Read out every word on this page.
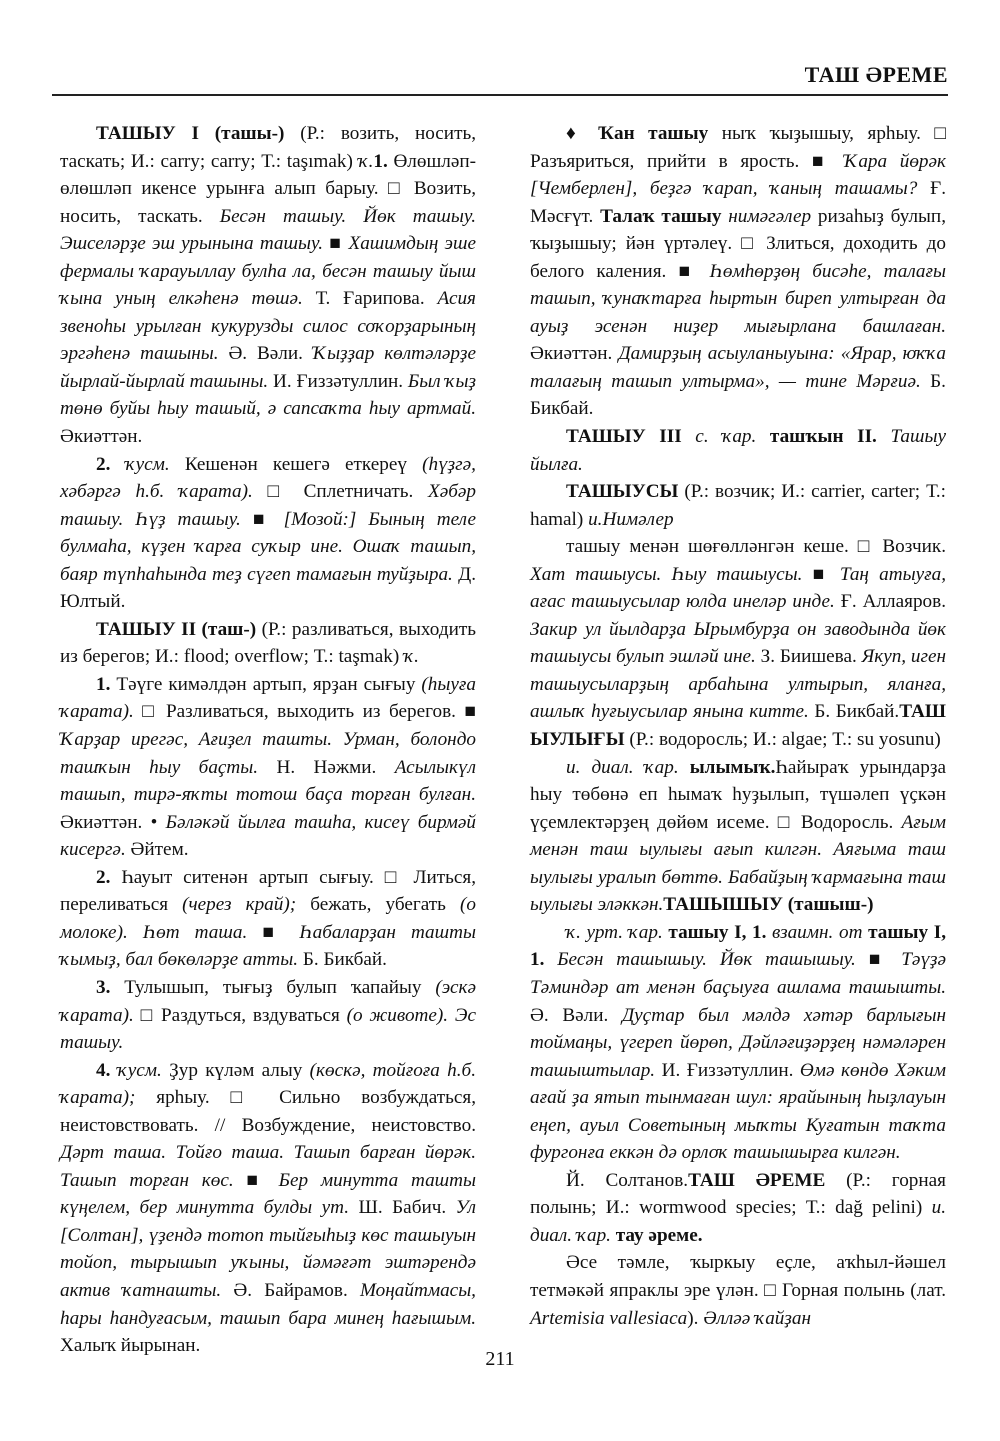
ТАШ ӘРЕМЕ

ТАШЫУ I (ташы-) (Р.: возить, носить, таскать; И.: carry; carry; Т.: taşımak) ҡ.1. Өлөшләп-өлөшләп икенсе урынға алып барыу. □ Возить, носить, таскать. Бесән ташыу. Йөк ташыу. Эшселәрҙе эш урынына ташыу. ■ Хашимдың эше фермалы ҡарауыллау булһа ла, бесән ташыу йыш ҡына уның елкәһенә төшә. Т. Ғарипова. Асия звеноһы урылған кукурузды силос соҡорҙарының эргәһенә ташыны. Ә. Вәли. Ҡыҙҙар көлтәләрҙе йырлай-йырлай ташыны. И. Ғиззәтуллин. Был ҡыҙ төнө буйы һыу ташый, ә сапсаҡта һыу артмай. Әкиәттән.

2. ҡусм. Кешенән кешегә еткереү (һүҙгә, хәбәргә һ.б. ҡарата). □ Сплетничать. Хәбәр ташыу. Һүҙ ташыу. ■ [Мозой:] Бының теле булмаһа, күҙен ҡарға суҡыр ине. Ошаҡ ташып, баяр түпһаһында теҙ сүгеп тамағын туйҙыра. Д. Юлтый.

ТАШЫУ II (таш-) (Р.: разливаться, выходить из берегов; И.: flood; overflow; Т.: taşmak) ҡ.

1. Тәүге кимәлдән артып, ярҙан сығыу (һыуға ҡарата). □ Разливаться, выходить из берегов. ■ Ҡарҙар ирегәс, Ағиҙел ташты. Урман, болондо ташҡын һыу баҫты. Н. Нәжми. Асылыкүл ташып, тирә-яҡты тотош баҫа торған булған. Әкиәттән. • Бәләкәй йылға ташһа, кисеү бирмәй кисергә. Әйтем.

2. Һауыт ситенән артып сығыу. □ Литься, переливаться (через край); бежать, убегать (о молоке). Һөт таша. ■ Һабаларҙан ташты ҡымыҙ, бал бөкөләрҙе атты. Б. Бикбай.

3. Тулышып, тығыҙ булып ҡапайыу (эскә ҡарата). □ Раздуться, вздуваться (о животе). Эс ташыу.

4. ҡусм. Ҙур күләм алыу (көскә, тойғоға һ.б. ҡарата); ярһыу. □ Сильно возбуждаться, неистовствовать. // Возбуждение, неистовство. Дәрт таша. Тойғо таша. Ташып барған йөрәк. Ташып торған көс. ■ Бер минутта ташты күңелем, бер минутта булды ут. Ш. Бабич. Ул [Солтан], үҙендә тотоп тыйғыһыҙ көс ташыуын тойоп, тырышып уҡыны, йәмәғәт эштәрендә актив ҡатнашты. Ә. Байрамов. Моңайтмасы, һары һандуғасым, ташып бара минең һағышым. Халыҡ йырынан.

♦ Ҡан ташыу ныҡ ҡыҙышыу, ярһыу. □ Разъяриться, прийти в ярость. ■ Ҡара йөрәк [Чемберлен], беҙгә ҡарап, ҡаның ташамы? Ғ. Мәсғүт. Талаҡ ташыу нимәгәлер ризаһыҙ булып, ҡыҙышыу; йән үртәлеү. □ Злиться, доходить до белого каления. ■ Һөмһөрҙөң бисәһе, талағы ташып, ҡунаҡтарға һыртын биреп ултырған да ауыҙ эсенән ниҙер мығырлана башлаған. Әкиәттән. Дамирҙың асыуланыуына: «Ярар, юҡҡа талағың ташып ултырма», — тине Мәрғиә. Б. Бикбай.

ТАШЫУ III с. ҡар. ташҡын II. Ташыу йылға.

ТАШЫУСЫ (Р.: возчик; И.: carrier, carter; Т.: hamal) и.Нимәлер

ташыу менән шөғөлләнгән кеше. □ Возчик. Хат ташыусы. Һыу ташыусы. ■ Таң атыуға, ағас ташыусылар юлда инеләр инде. Ғ. Аллаяров. Закир ул йылдарҙа Ырымбурҙа он заводында йөк ташыусы булып эшләй ине. З. Биишева. Якуп, иген ташыусыларҙың арбаһына ултырып, яланға, ашлыҡ һуғыусылар янына китте. Б. Бикбай.ТАШ ЫУЛЫҒЫ (Р.: водоросль; И.: algae; Т.: su yosunu)

и. диал. ҡар. ылымыҡ.Һайыраҡ урындарҙа һыу төбөнә еп һымаҡ һуҙылып, түшәлеп үҫкән үҫемлектәрҙең дөйөм исеме. □ Водоросль. Ағым менән таш ыулығы ағып килгән. Аяғыма таш ыулығы уралып бөттө. Бабайҙың ҡармағына таш ыулығы эләккән.ТАШЫШЫУ (ташыш-)

ҡ. урт. ҡар. ташыу I, 1. взаимн. от ташыу I, 1. Бесән ташышыу. Йөк ташышыу. ■ Тәүҙә Тәминдәр ат менән баҫыуға ашлама ташышты. Ә. Вәли. Дуҫтар был мәлдә хәтәр барлығын тоймаңы, үгереп йөрөп, Дәйләғиҙәрҙең нәмәләрен ташыштылар. И. Ғиззәтуллин. Өмә көндө Хәким ағай ҙа ятып тынмаған шул: ярайының һыҙлауын еңеп, ауыл Советының мыҡты Куғатын таҡта фургонға еккән дә орлоҡ ташышырға килгән.

Й. Солтанов.ТАШ ӘРЕМЕ (Р.: горная полынь; И.: wormwood species; Т.: dağ pelini) и. диал. ҡар. тау әреме.

Әсе тәмле, ҡыркыу еҫле, аҡһыл-йәшел тетмәкәй япраклы эре үлән. □ Горная полынь (лат. Artemisia vallesiaca). Әлләә ҡайҙан

211
